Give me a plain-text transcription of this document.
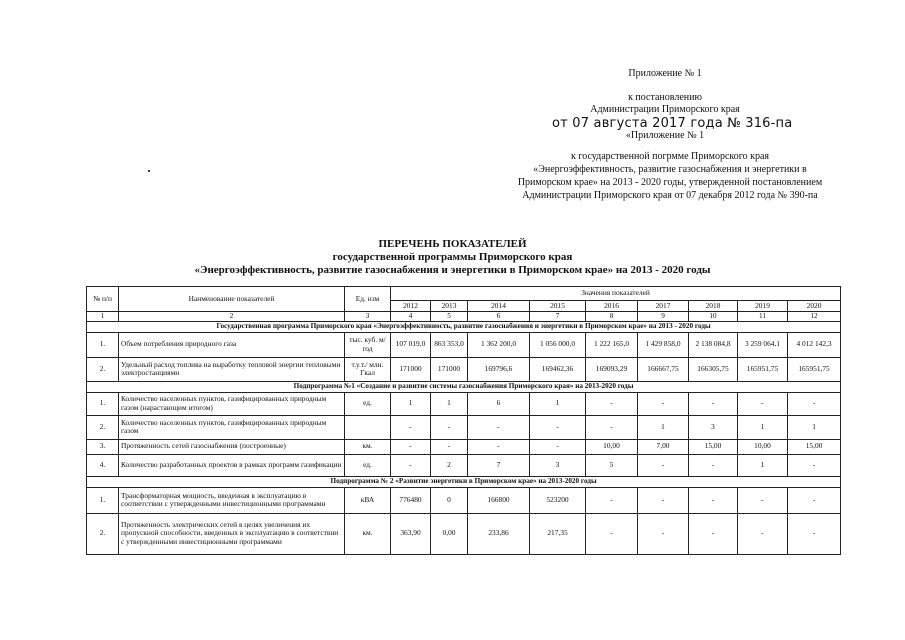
Приложение № 1
к постановлению
Администрации Приморского края
от 07 августа 2017 года № 316-па
«Приложение № 1
к государственной погрмме Приморского края
«Энергоэффективность, развитие газоснабжения и энергетики в
Приморском крае» на 2013 - 2020 годы, утвержденной постановлением
Администрации Приморского края от 07 декабря 2012 года № 390-па
ПЕРЕЧЕНЬ ПОКАЗАТЕЛЕЙ
государственной программы Приморского края
«Энергоэффективность, развитие газоснабжения и энергетики в Приморском крае» на 2013 - 2020 годы
№ п/п	Наименование показателей	Ед. изм	Значения показателей								
			2012	2013	2014	2015	2016	2017	2018	2019	2020
1	2	3	4	5	6	7	8	9	10	11	12
Государственная программа Приморского края «Энергоэффективность, развитие газоснабжения и энергетики в Приморском крае» на 2013 - 2020 годы											
1.	Объем потребления природного газа	тыс. куб. м/год	107 019,0	863 353,0	1 362 200,0	1 056 000,0	1 222 165,0	1 429 858,0	2 138 084,8	3 259 064,1	4 012 142,3
2.	Удельный расход топлива на выработку тепловой энергии тепловыми электростанциями	т.у.т./ млн. Гкал	171000	171000	169796,6	169462,36	169093,29	166667,75	166305,75	165951,75	165951,75
Подпрограмма №1 «Создание и развитие системы газоснабжения Приморского края» на 2013-2020 годы											
1.	Количество населенных пунктов, газифицированных природным газом (нарастающим итогом)	ед.	1	1	6	1	-	-	-	-	-
2.	Количество населенных пунктов, газифицированных природным газом		-	-	-	-	-	1	3	1	1
3.	Протяженность сетей газоснабжения (построенные)	км.	-	-	-	-	10,00	7,00	15,00	10,00	15,00
4.	Количество разработанных проектов в рамках программ газификации	ед.	-	2	7	3	5	-	-	1	-
Подпрограмма № 2 «Развитие энергетики в Приморском крае» на 2013-2020 годы											
1.	Трансформаторная мощность, введенная в эксплуатацию в соответствии с утвержденными инвестиционными программами	кВА	776480	0	166800	523200	-	-	-	-	-
2.	Протяженность электрических сетей в целях увеличения их пропускной способности, введенных в эксплуатацию в соответствии с утвержденными инвестиционными программами	км.	363,90	0,00	233,86	217,35	-	-	-	-	-
